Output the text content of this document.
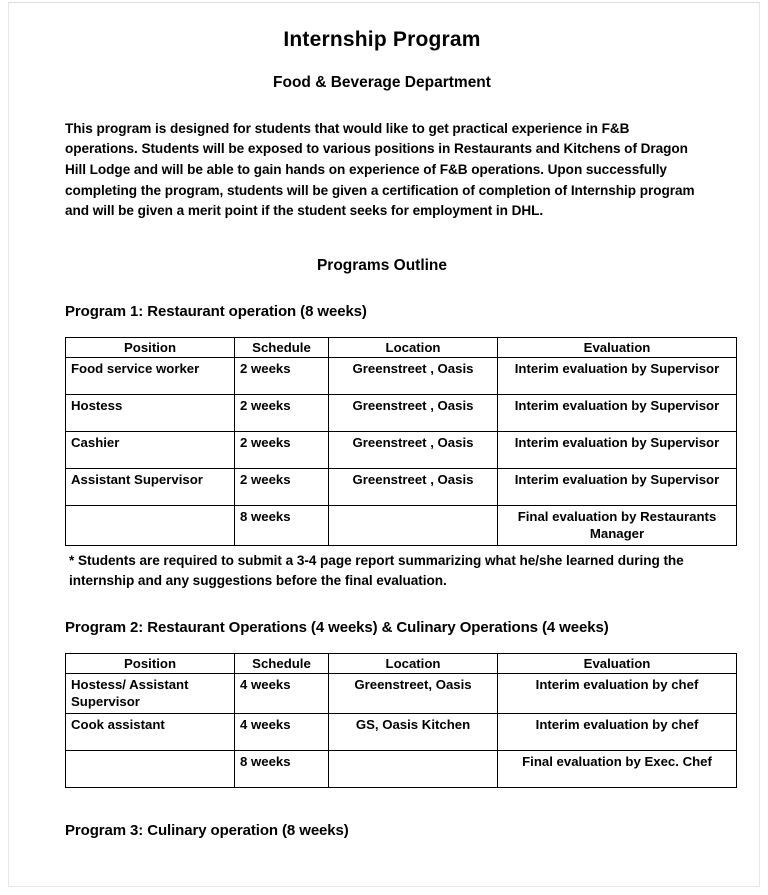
Internship Program
Food & Beverage Department

This program is designed for students that would like to get practical experience in F&B operations. Students will be exposed to various positions in Restaurants and Kitchens of Dragon Hill Lodge and will be able to gain hands on experience of F&B operations. Upon successfully completing the program, students will be given a certification of completion of Internship program and will be given a merit point if the student seeks for employment in DHL.

Programs Outline
Program 1: Restaurant operation (8 weeks)
Position	Schedule	Location	Evaluation
Food service worker	2 weeks	Greenstreet , Oasis	Interim evaluation by Supervisor
Hostess	2 weeks	Greenstreet , Oasis	Interim evaluation by Supervisor
Cashier	2 weeks	Greenstreet , Oasis	Interim evaluation by Supervisor
Assistant Supervisor	2 weeks	Greenstreet , Oasis	Interim evaluation by Supervisor
	8 weeks		Final evaluation by Restaurants Manager

* Students are required to submit a 3-4 page report summarizing what he/she learned during the internship and any suggestions before the final evaluation.

Program 2: Restaurant Operations (4 weeks) & Culinary Operations (4 weeks)
Position	Schedule	Location	Evaluation
Hostess/ Assistant Supervisor	4 weeks	Greenstreet, Oasis	Interim evaluation by chef
Cook assistant	4 weeks	GS, Oasis Kitchen	Interim evaluation by chef
	8 weeks		Final evaluation by Exec. Chef
Program 3: Culinary operation (8 weeks)
